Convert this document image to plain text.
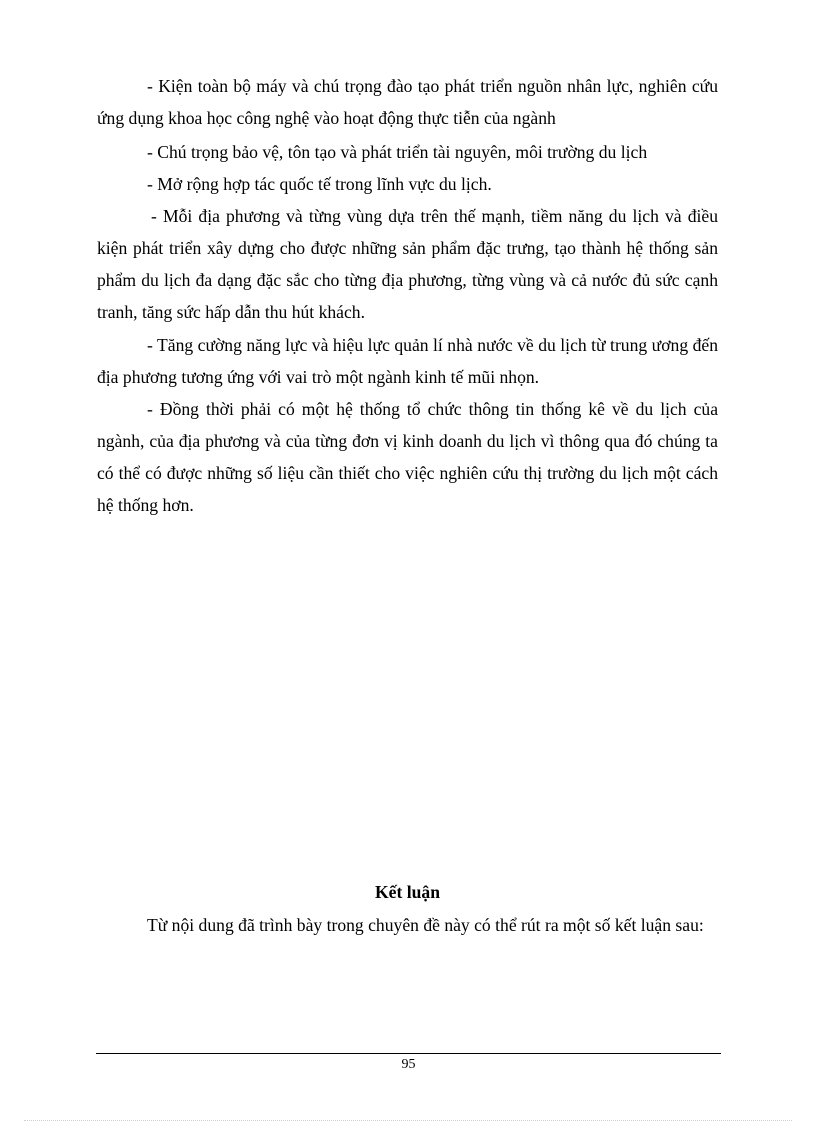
- Kiện toàn bộ máy và chú trọng đào tạo phát triển nguồn nhân lực, nghiên cứu ứng dụng khoa học công nghệ vào hoạt động thực tiễn của ngành

- Chú trọng bảo vệ, tôn tạo và phát triển tài nguyên, môi trường du lịch

- Mở rộng hợp tác quốc tế trong lĩnh vực du lịch.

- Mỗi địa phương và từng vùng dựa trên thế mạnh, tiềm năng du lịch và điều kiện phát triển xây dựng cho được những sản phẩm đặc trưng, tạo thành hệ thống sản phẩm du lịch đa dạng đặc sắc cho từng địa phương, từng vùng và cả nước đủ sức cạnh tranh, tăng sức hấp dẫn thu hút khách.

- Tăng cường năng lực và hiệu lực quản lí nhà nước về du lịch từ trung ương đến địa phương tương ứng với vai trò một ngành kinh tế mũi nhọn.

- Đồng thời phải có một hệ thống tổ chức thông tin thống kê về du lịch của ngành, của địa phương và của từng đơn vị kinh doanh du lịch vì thông qua đó chúng ta có thể có được những số liệu cần thiết cho việc nghiên cứu thị trường du lịch một cách hệ thống hơn.

Kết luận

Từ nội dung đã trình bày trong chuyên đề này có thể rút ra một số kết luận sau:

95
